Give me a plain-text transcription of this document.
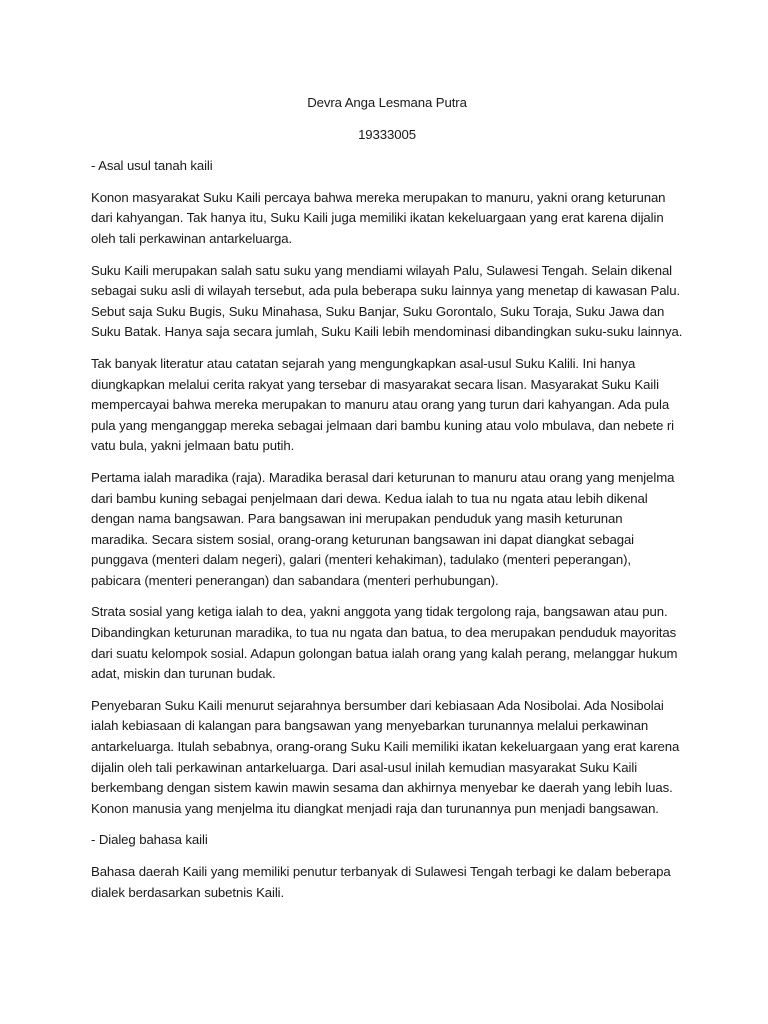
Devra Anga Lesmana Putra

19333005

- Asal usul tanah kaili

Konon masyarakat Suku Kaili percaya bahwa mereka merupakan to manuru, yakni orang keturunan dari kahyangan. Tak hanya itu, Suku Kaili juga memiliki ikatan kekeluargaan yang erat karena dijalin oleh tali perkawinan antarkeluarga.

Suku Kaili merupakan salah satu suku yang mendiami wilayah Palu, Sulawesi Tengah. Selain dikenal sebagai suku asli di wilayah tersebut, ada pula beberapa suku lainnya yang menetap di kawasan Palu. Sebut saja Suku Bugis, Suku Minahasa, Suku Banjar, Suku Gorontalo, Suku Toraja, Suku Jawa dan Suku Batak. Hanya saja secara jumlah, Suku Kaili lebih mendominasi dibandingkan suku-suku lainnya.

Tak banyak literatur atau catatan sejarah yang mengungkapkan asal-usul Suku Kalili. Ini hanya diungkapkan melalui cerita rakyat yang tersebar di masyarakat secara lisan. Masyarakat Suku Kaili mempercayai bahwa mereka merupakan to manuru atau orang yang turun dari kahyangan. Ada pula pula yang menganggap mereka sebagai jelmaan dari bambu kuning atau volo mbulava, dan nebete ri vatu bula, yakni jelmaan batu putih.

Pertama ialah maradika (raja). Maradika berasal dari keturunan to manuru atau orang yang menjelma dari bambu kuning sebagai penjelmaan dari dewa. Kedua ialah to tua nu ngata atau lebih dikenal dengan nama bangsawan. Para bangsawan ini merupakan penduduk yang masih keturunan maradika. Secara sistem sosial, orang-orang keturunan bangsawan ini dapat diangkat sebagai punggava (menteri dalam negeri), galari (menteri kehakiman), tadulako (menteri peperangan), pabicara (menteri penerangan) dan sabandara (menteri perhubungan).

Strata sosial yang ketiga ialah to dea, yakni anggota yang tidak tergolong raja, bangsawan atau pun. Dibandingkan keturunan maradika, to tua nu ngata dan batua, to dea merupakan penduduk mayoritas dari suatu kelompok sosial. Adapun golongan batua ialah orang yang kalah perang, melanggar hukum adat, miskin dan turunan budak.

Penyebaran Suku Kaili menurut sejarahnya bersumber dari kebiasaan Ada Nosibolai. Ada Nosibolai ialah kebiasaan di kalangan para bangsawan yang menyebarkan turunannya melalui perkawinan antarkeluarga. Itulah sebabnya, orang-orang Suku Kaili memiliki ikatan kekeluargaan yang erat karena dijalin oleh tali perkawinan antarkeluarga. Dari asal-usul inilah kemudian masyarakat Suku Kaili berkembang dengan sistem kawin mawin sesama dan akhirnya menyebar ke daerah yang lebih luas. Konon manusia yang menjelma itu diangkat menjadi raja dan turunannya pun menjadi bangsawan.

- Dialeg bahasa kaili

Bahasa daerah Kaili yang memiliki penutur terbanyak di Sulawesi Tengah terbagi ke dalam beberapa dialek berdasarkan subetnis Kaili.
